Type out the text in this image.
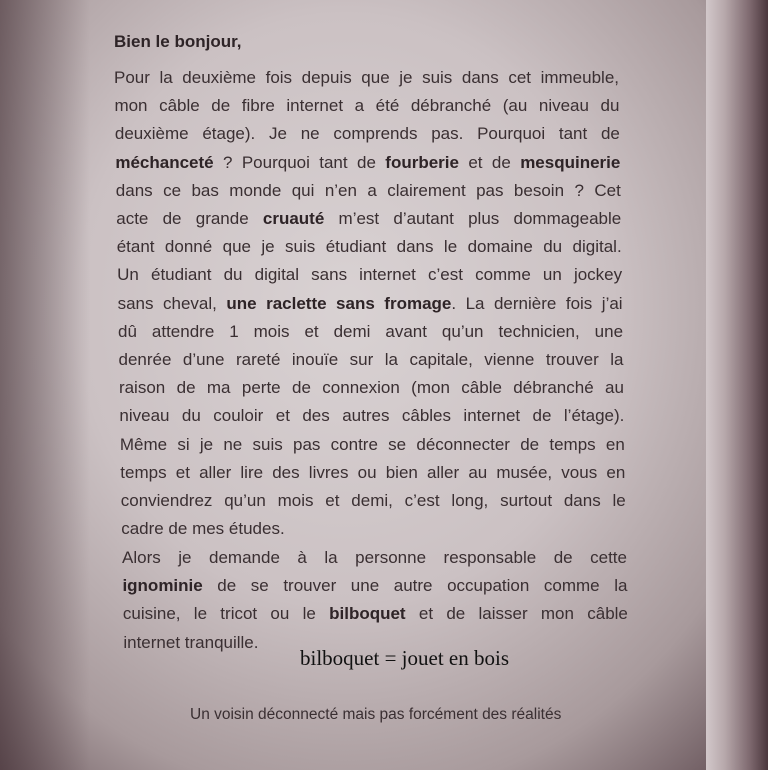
Bien le bonjour,
Pour la deuxième fois depuis que je suis dans cet immeuble,
mon câble de fibre internet a été débranché (au niveau du
deuxième étage). Je ne comprends pas. Pourquoi tant de
méchanceté ? Pourquoi tant de fourberie et de mesquinerie
dans ce bas monde qui n’en a clairement pas besoin ? Cet
acte de grande cruauté m’est d’autant plus dommageable
étant donné que je suis étudiant dans le domaine du digital.
Un étudiant du digital sans internet c’est comme un jockey
sans cheval, une raclette sans fromage. La dernière fois j’ai
dû attendre 1 mois et demi avant qu’un technicien, une
denrée d’une rareté inouïe sur la capitale, vienne trouver la
raison de ma perte de connexion (mon câble débranché au
niveau du couloir et des autres câbles internet de l’étage).
Même si je ne suis pas contre se déconnecter de temps en
temps et aller lire des livres ou bien aller au musée, vous en
conviendrez qu’un mois et demi, c’est long, surtout dans le
cadre de mes études.
Alors je demande à la personne responsable de cette
ignominie de se trouver une autre occupation comme la
cuisine, le tricot ou le bilboquet et de laisser mon câble
internet tranquille.
bilboquet = jouet en bois
Un voisin déconnecté mais pas forcément des réalités
